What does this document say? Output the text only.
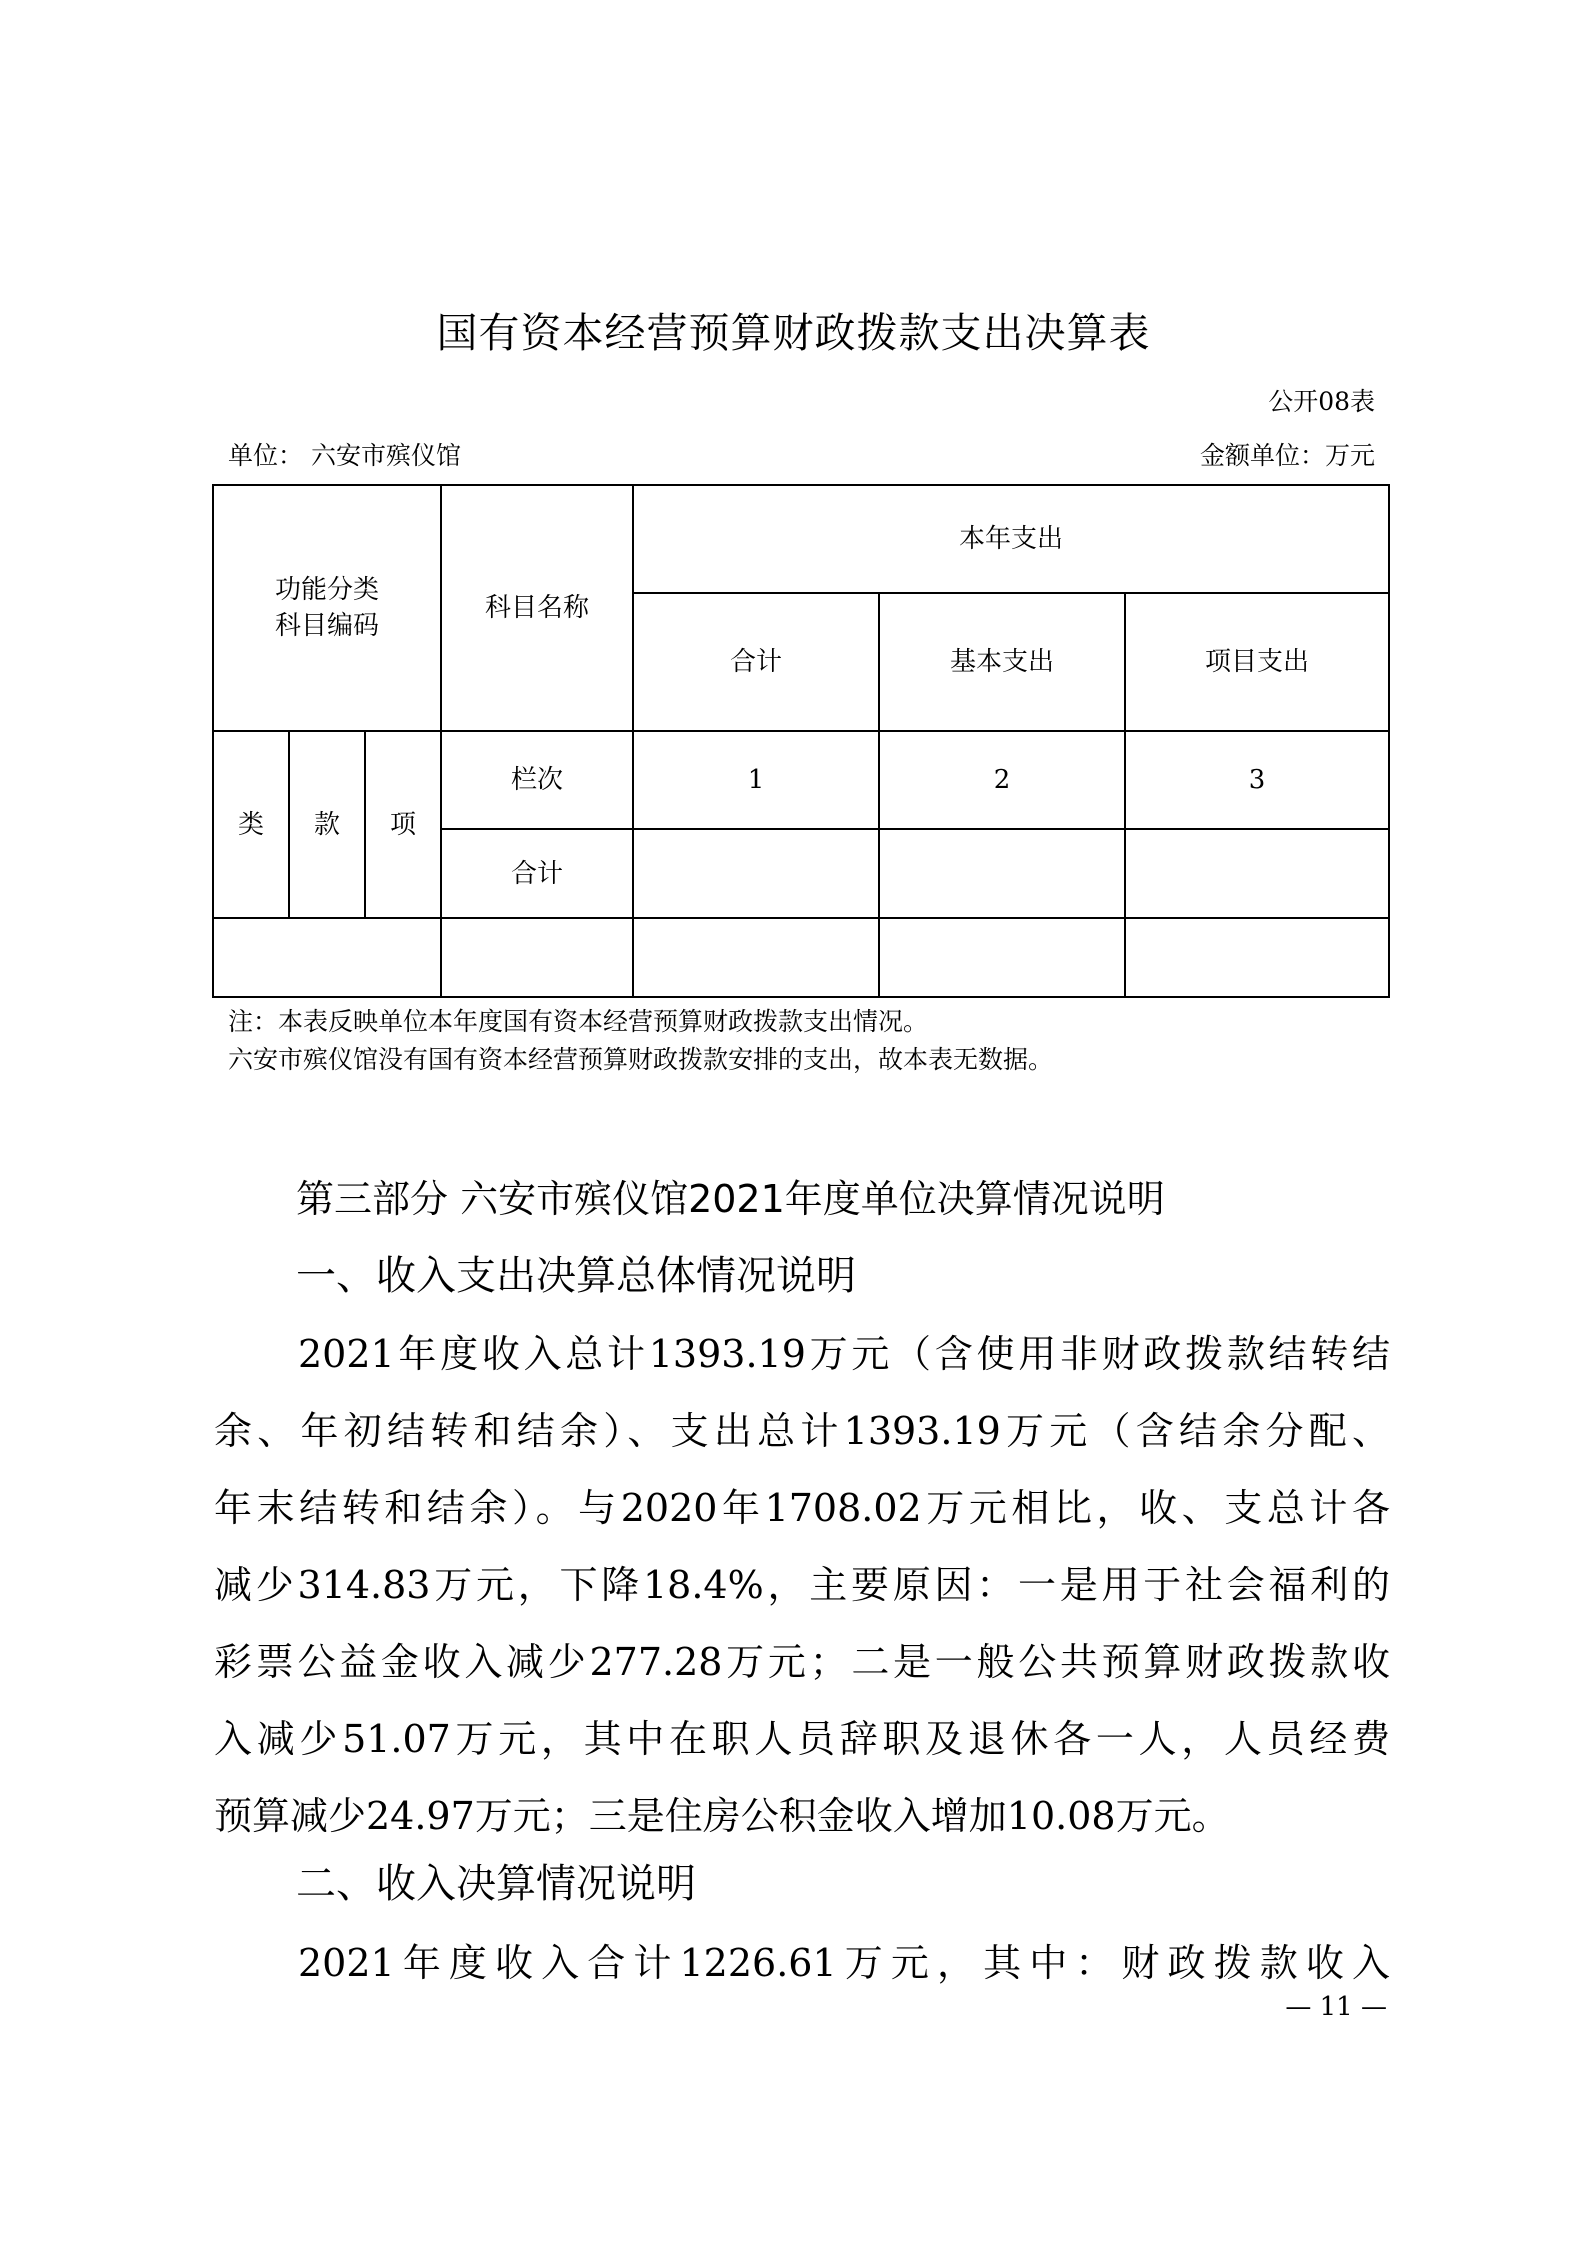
国有资本经营预算财政拨款支出决算表
公开08表
单位： 六安市殡仪馆	金额单位：万元
功能分类
科目编码			科目名称	本年支出		
				合计	基本支出	项目支出
类	款	项	栏次	1	2	3
			合计			

注：本表反映单位本年度国有资本经营预算财政拨款支出情况。
六安市殡仪馆没有国有资本经营预算财政拨款安排的支出，故本表无数据。
第三部分 六安市殡仪馆2021年度单位决算情况说明
一、收入支出决算总体情况说明
2021年度收入总计1393.19万元（含使用非财政拨款结转结
余、年初结转和结余）、支出总计1393.19万元（含结余分配、
年末结转和结余）。与2020年1708.02万元相比，收、支总计各
减少314.83万元，下降18.4%，主要原因：一是用于社会福利的
彩票公益金收入减少277.28万元；二是一般公共预算财政拨款收
入减少51.07万元，其中在职人员辞职及退休各一人，人员经费
预算减少24.97万元；三是住房公积金收入增加10.08万元。
二、收入决算情况说明
2021年度收入合计1226.61万元，其中：财政拨款收入
— 11 —
